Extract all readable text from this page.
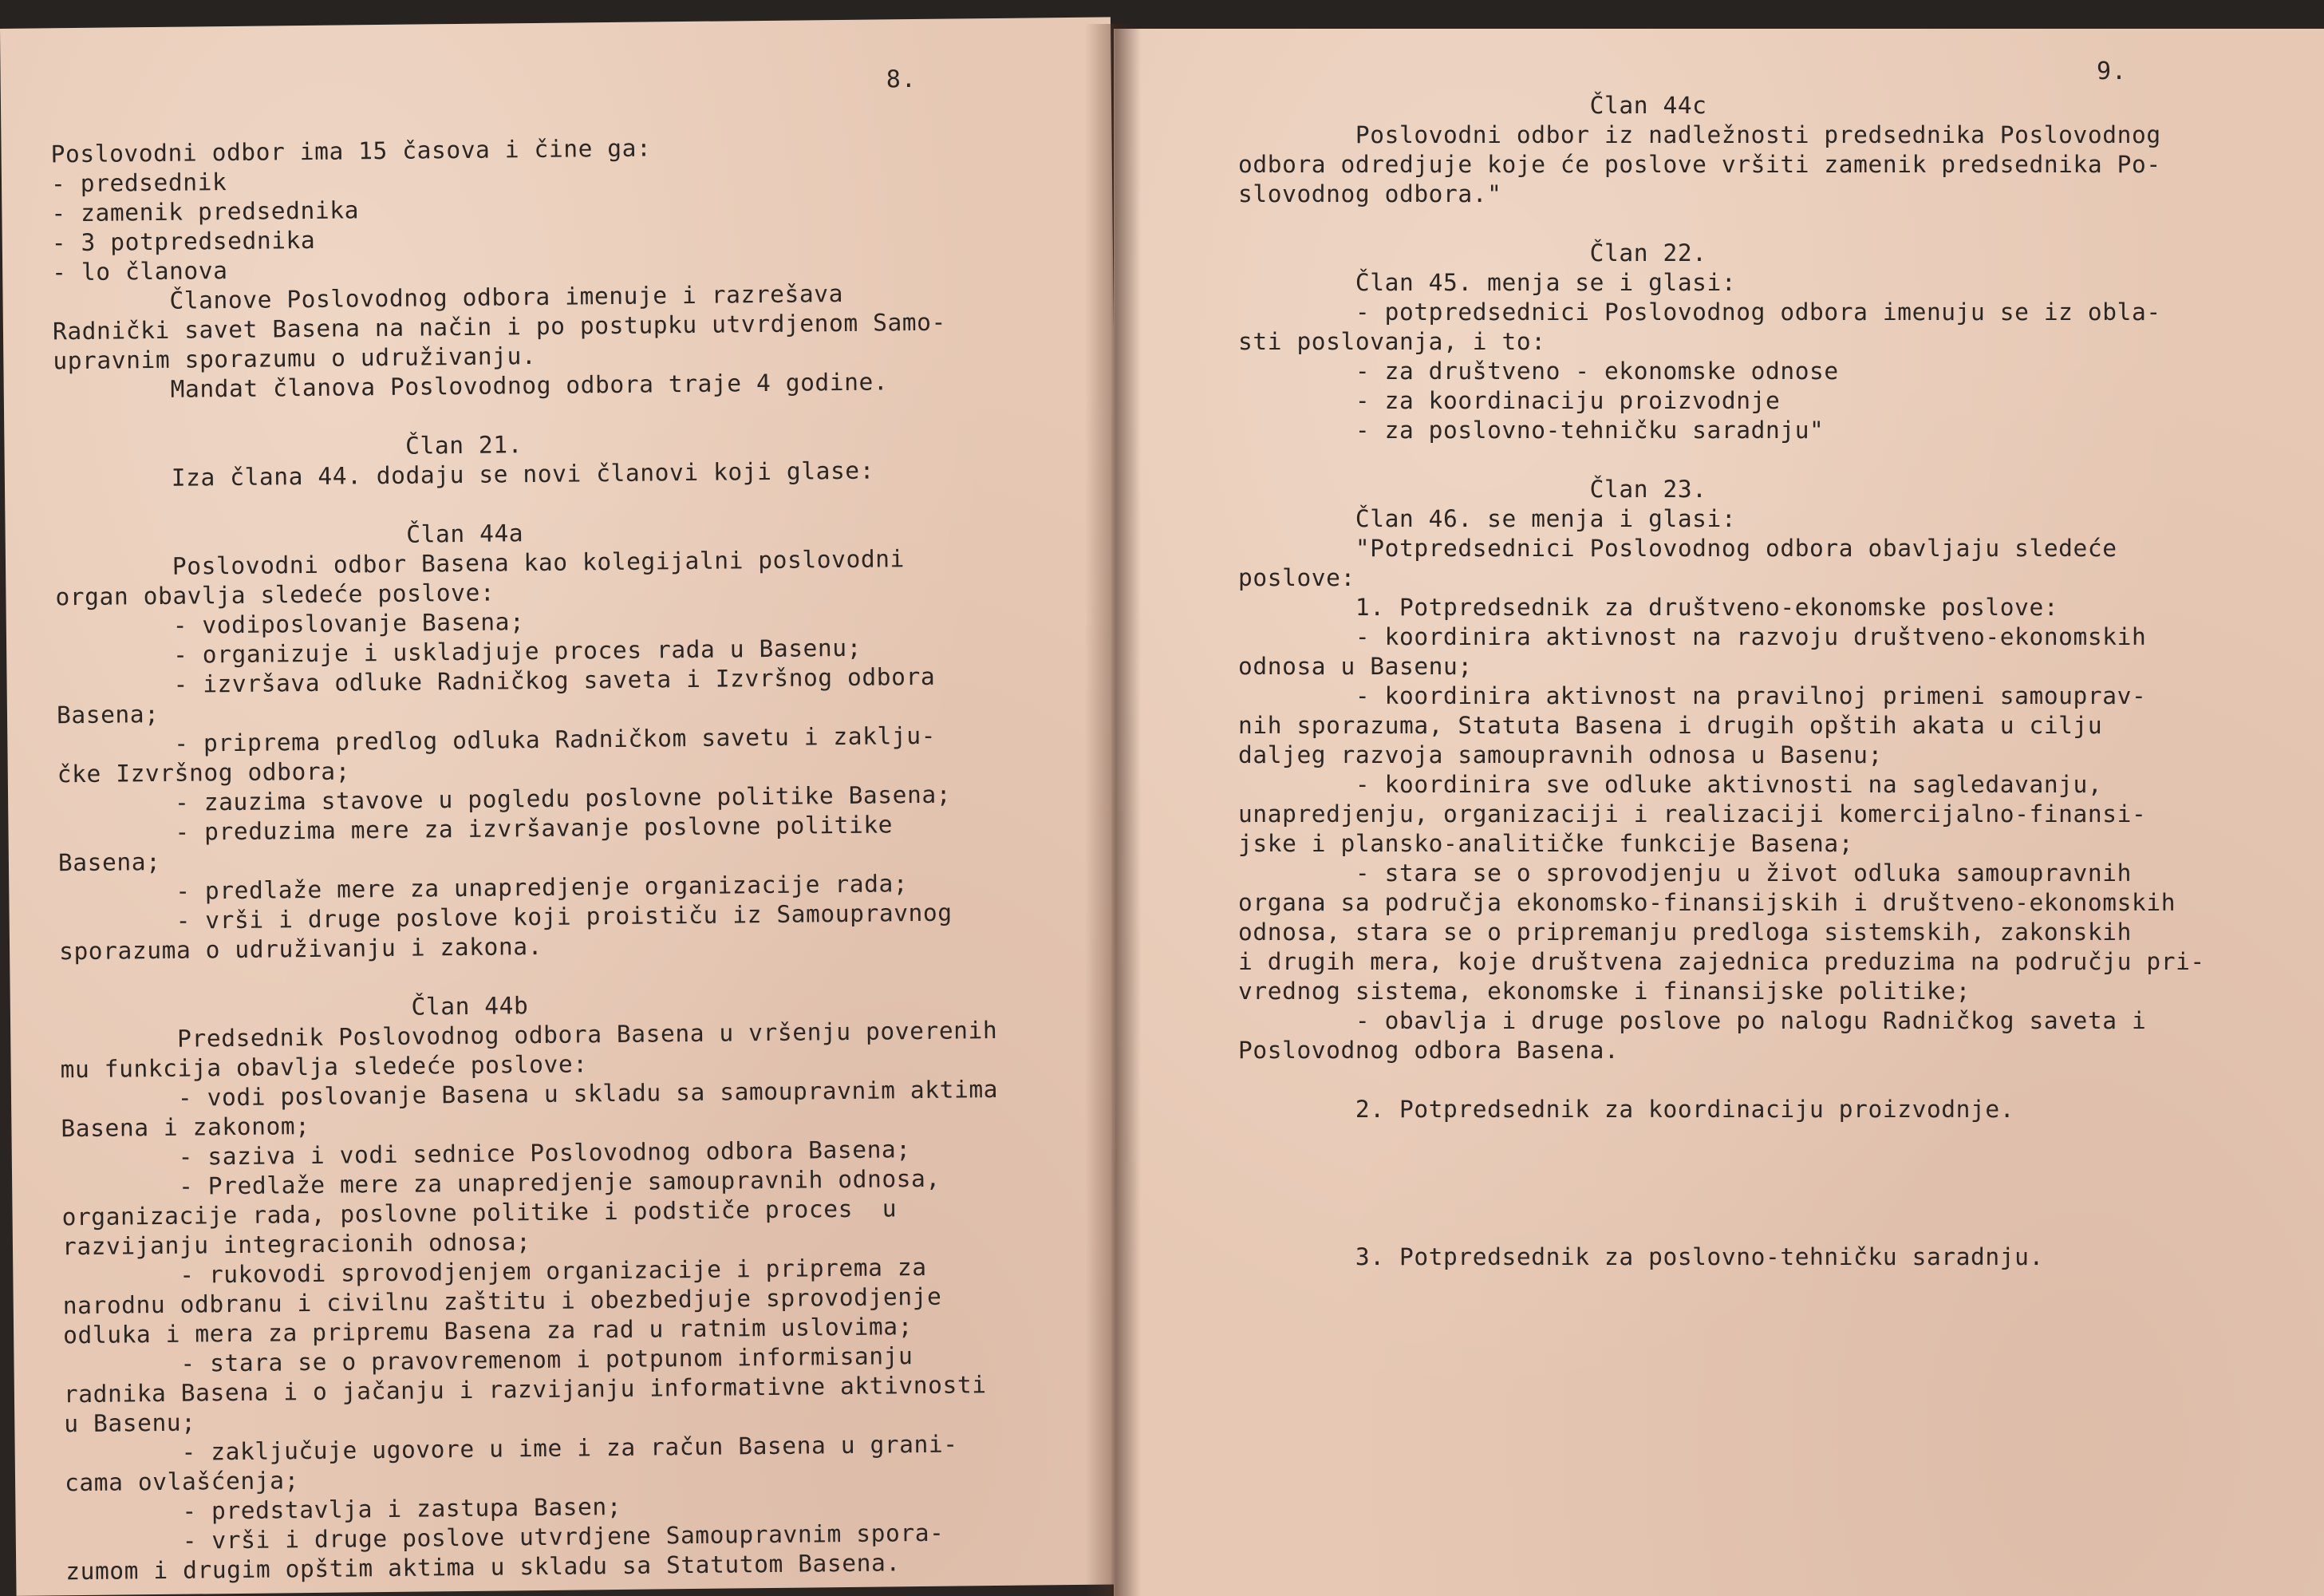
8.
Poslovodni odbor ima 15 časova i čine ga:
- predsednik
- zamenik predsednika
- 3 potpredsednika
- lo članova
Članove Poslovodnog odbora imenuje i razrešava
Radnički savet Basena na način i po postupku utvrdjenom Samo-
upravnim sporazumu o udruživanju.
Mandat članova Poslovodnog odbora traje 4 godine.
Član 21.
Iza člana 44. dodaju se novi članovi koji glase:
Član 44a
Poslovodni odbor Basena kao kolegijalni poslovodni
organ obavlja sledeće poslove:
- vodiposlovanje Basena;
- organizuje i uskladjuje proces rada u Basenu;
- izvršava odluke Radničkog saveta i Izvršnog odbora
Basena;
- priprema predlog odluka Radničkom savetu i zaklju-
čke Izvršnog odbora;
- zauzima stavove u pogledu poslovne politike Basena;
- preduzima mere za izvršavanje poslovne politike
Basena;
- predlaže mere za unapredjenje organizacije rada;
- vrši i druge poslove koji proističu iz Samoupravnog
sporazuma o udruživanju i zakona.
Član 44b
Predsednik Poslovodnog odbora Basena u vršenju poverenih
mu funkcija obavlja sledeće poslove:
- vodi poslovanje Basena u skladu sa samoupravnim aktima
Basena i zakonom;
- saziva i vodi sednice Poslovodnog odbora Basena;
- Predlaže mere za unapredjenje samoupravnih odnosa,
organizacije rada, poslovne politike i podstiče proces  u
razvijanju integracionih odnosa;
- rukovodi sprovodjenjem organizacije i priprema za
narodnu odbranu i civilnu zaštitu i obezbedjuje sprovodjenje
odluka i mera za pripremu Basena za rad u ratnim uslovima;
- stara se o pravovremenom i potpunom informisanju
radnika Basena i o jačanju i razvijanju informativne aktivnosti
u Basenu;
- zaključuje ugovore u ime i za račun Basena u grani-
cama ovlašćenja;
- predstavlja i zastupa Basen;
- vrši i druge poslove utvrdjene Samoupravnim spora-
zumom i drugim opštim aktima u skladu sa Statutom Basena.
9.
Član 44c
Poslovodni odbor iz nadležnosti predsednika Poslovodnog
odbora odredjuje koje će poslove vršiti zamenik predsednika Po-
slovodnog odbora."
Član 22.
Član 45. menja se i glasi:
- potpredsednici Poslovodnog odbora imenuju se iz obla-
sti poslovanja, i to:
- za društveno - ekonomske odnose
- za koordinaciju proizvodnje
- za poslovno-tehničku saradnju"
Član 23.
Član 46. se menja i glasi:
"Potpredsednici Poslovodnog odbora obavljaju sledeće
poslove:
1. Potpredsednik za društveno-ekonomske poslove:
- koordinira aktivnost na razvoju društveno-ekonomskih
odnosa u Basenu;
- koordinira aktivnost na pravilnoj primeni samouprav-
nih sporazuma, Statuta Basena i drugih opštih akata u cilju
daljeg razvoja samoupravnih odnosa u Basenu;
- koordinira sve odluke aktivnosti na sagledavanju,
unapredjenju, organizaciji i realizaciji komercijalno-finansi-
jske i plansko-analitičke funkcije Basena;
- stara se o sprovodjenju u život odluka samoupravnih
organa sa područja ekonomsko-finansijskih i društveno-ekonomskih
odnosa, stara se o pripremanju predloga sistemskih, zakonskih
i drugih mera, koje društvena zajednica preduzima na području pri-
vrednog sistema, ekonomske i finansijske politike;
- obavlja i druge poslove po nalogu Radničkog saveta i
Poslovodnog odbora Basena.
2. Potpredsednik za koordinaciju proizvodnje.
3. Potpredsednik za poslovno-tehničku saradnju.
